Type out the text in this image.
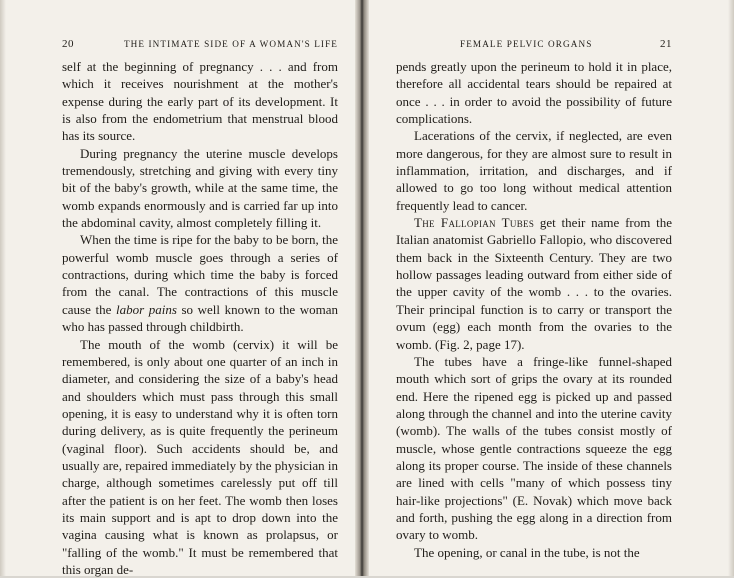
20	THE INTIMATE SIDE OF A WOMAN'S LIFE

self at the beginning of pregnancy . . . and from which it receives nourishment at the mother's expense during the early part of its development. It is also from the endometrium that menstrual blood has its source.

During pregnancy the uterine muscle develops tremendously, stretching and giving with every tiny bit of the baby's growth, while at the same time, the womb expands enormously and is carried far up into the abdominal cavity, almost completely filling it.

When the time is ripe for the baby to be born, the powerful womb muscle goes through a series of contractions, during which time the baby is forced from the canal. The contractions of this muscle cause the labor pains so well known to the woman who has passed through childbirth.

The mouth of the womb (cervix) it will be remembered, is only about one quarter of an inch in diameter, and considering the size of a baby's head and shoulders which must pass through this small opening, it is easy to understand why it is often torn during delivery, as is quite frequently the perineum (vaginal floor). Such accidents should be, and usually are, repaired immediately by the physician in charge, although sometimes carelessly put off till after the patient is on her feet. The womb then loses its main support and is apt to drop down into the vagina causing what is known as prolapsus, or "falling of the womb." It must be remembered that this organ de-

FEMALE PELVIC ORGANS	21

pends greatly upon the perineum to hold it in place, therefore all accidental tears should be repaired at once . . . in order to avoid the possibility of future complications.

Lacerations of the cervix, if neglected, are even more dangerous, for they are almost sure to result in inflammation, irritation, and discharges, and if allowed to go too long without medical attention frequently lead to cancer.

The Fallopian Tubes get their name from the Italian anatomist Gabriello Fallopio, who discovered them back in the Sixteenth Century. They are two hollow passages leading outward from either side of the upper cavity of the womb . . . to the ovaries. Their principal function is to carry or transport the ovum (egg) each month from the ovaries to the womb. (Fig. 2, page 17).

The tubes have a fringe-like funnel-shaped mouth which sort of grips the ovary at its rounded end. Here the ripened egg is picked up and passed along through the channel and into the uterine cavity (womb). The walls of the tubes consist mostly of muscle, whose gentle contractions squeeze the egg along its proper course. The inside of these channels are lined with cells "many of which possess tiny hair-like projections" (E. Novak) which move back and forth, pushing the egg along in a direction from ovary to womb.

The opening, or canal in the tube, is not the
